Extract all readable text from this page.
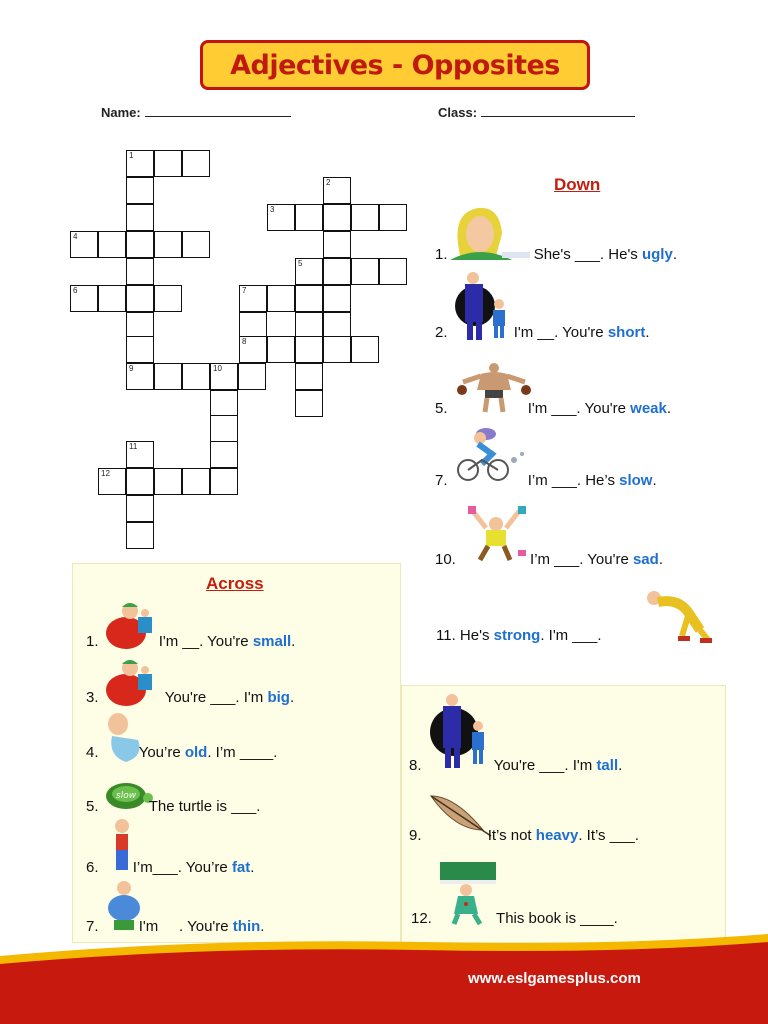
Adjectives - Opposites
Name:	Class:
1
2
3
4
5
6	7
8
9	10
11
12
Down
1.	She's ___. He's ugly.
2.	I'm __. You're short.
5.	I'm ___. You're weak.
7.	I’m ___. He’s slow.
10.	I’m ___. You're sad.
11. He's strong. I'm ___.
Across
slow
1.	I'm __. You're small.
3.	You're ___. I'm big.
4.	You’re old. I’m ____.
5.	The turtle is ___.
6. I’m___. You’re fat.
7.	I'm     . You're thin.
8.	You're ___. I'm tall.
9.	It’s not heavy. It’s ___.
12.	This book is ____.
www.eslgamesplus.com
